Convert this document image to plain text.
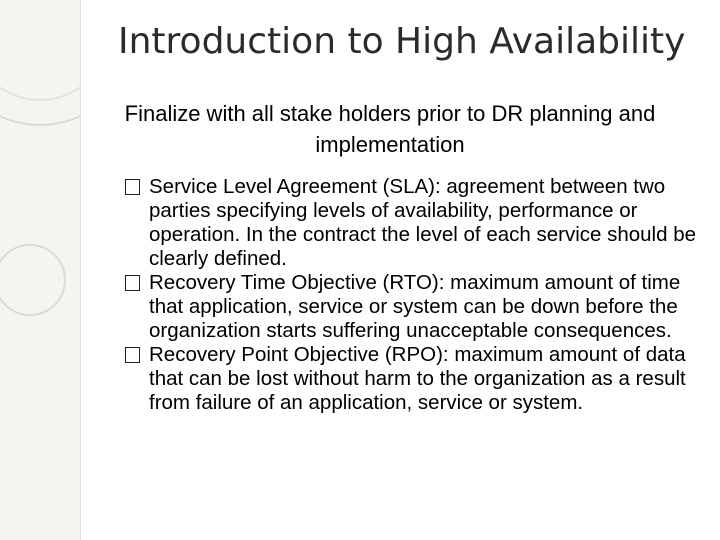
Introduction to High Availability

Finalize with all stake holders prior to DR planning and implementation

Service Level Agreement (SLA): agreement between two parties specifying levels of availability, performance or operation. In the contract the level of each service should be clearly defined.
Recovery Time Objective (RTO): maximum amount of time that application, service or system can be down before the organization starts suffering unacceptable consequences.
Recovery Point Objective (RPO): maximum amount of data that can be lost without harm to the organization as a result from failure of an application, service or system.
